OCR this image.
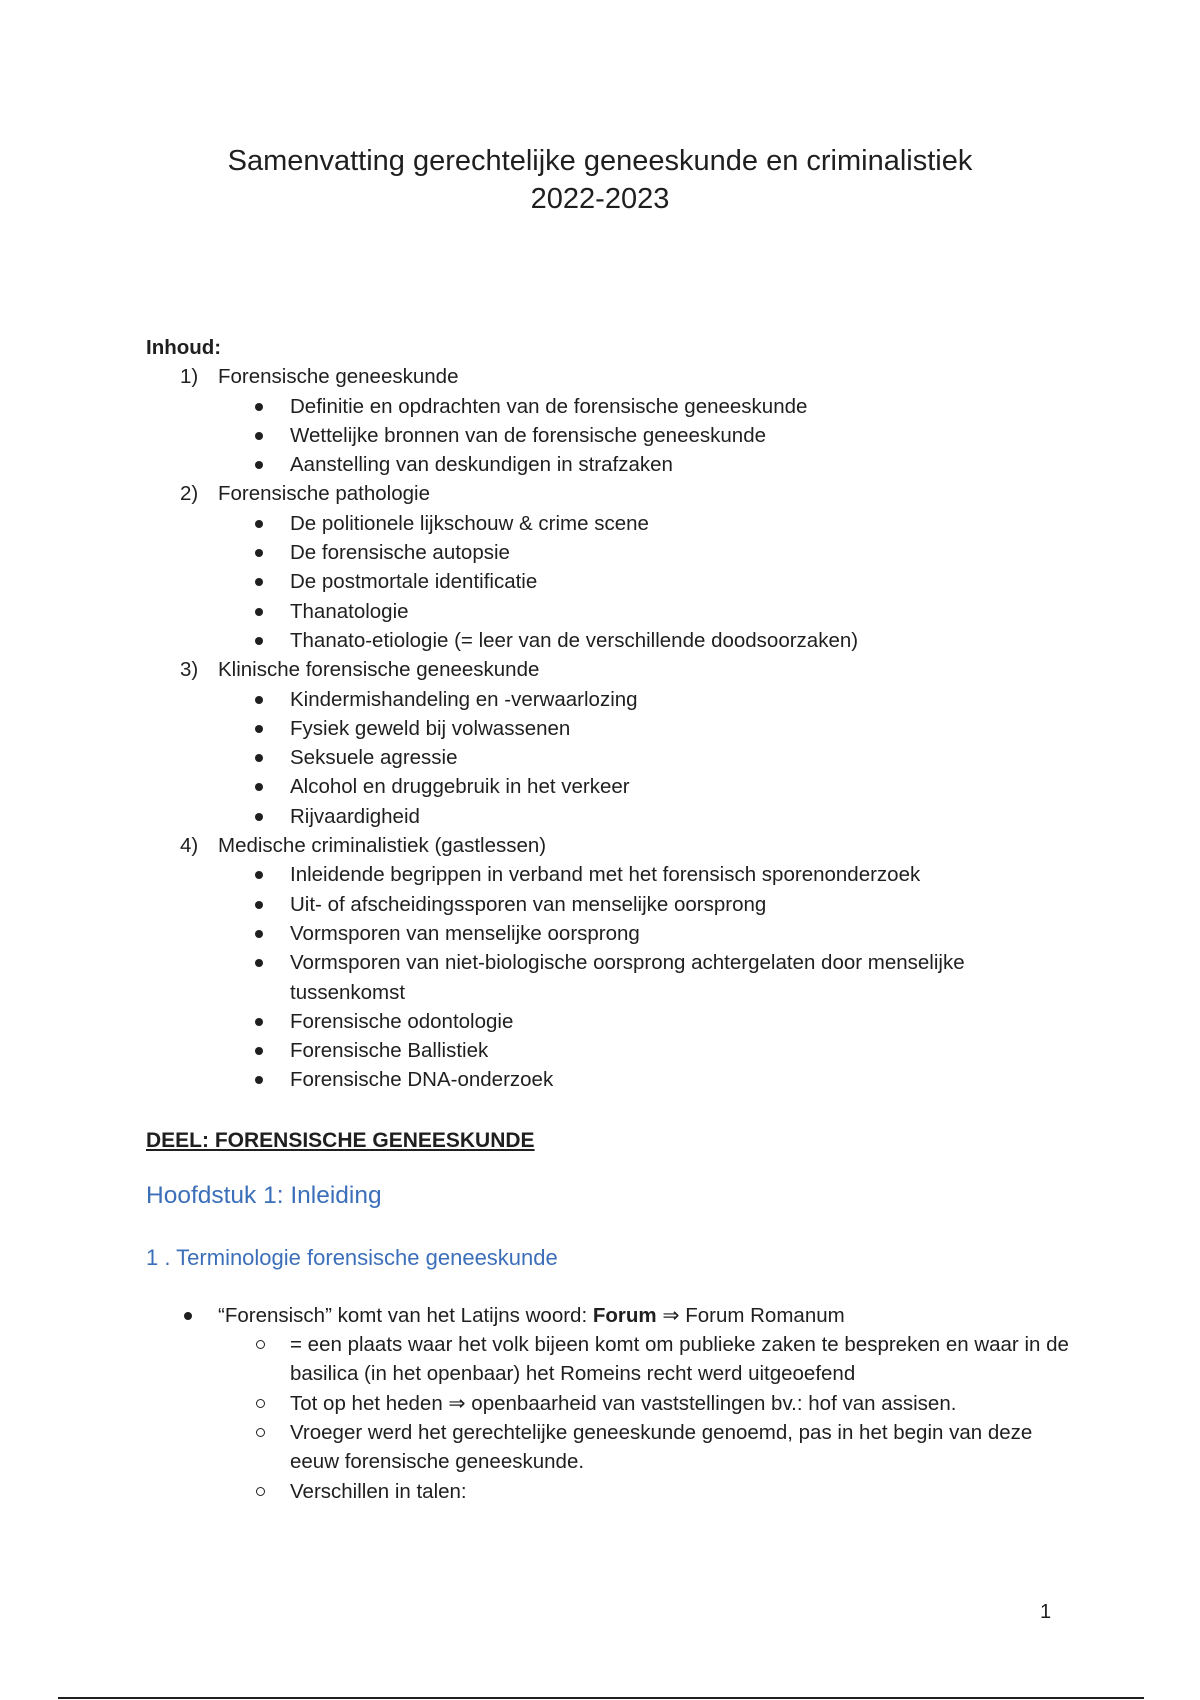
Samenvatting gerechtelijke geneeskunde en criminalistiek
2022-2023
Inhoud:
1) Forensische geneeskunde
Definitie en opdrachten van de forensische geneeskunde
Wettelijke bronnen van de forensische geneeskunde
Aanstelling van deskundigen in strafzaken
2) Forensische pathologie
De politionele lijkschouw & crime scene
De forensische autopsie
De postmortale identificatie
Thanatologie
Thanato-etiologie (= leer van de verschillende doodsoorzaken)
3) Klinische forensische geneeskunde
Kindermishandeling en -verwaarlozing
Fysiek geweld bij volwassenen
Seksuele agressie
Alcohol en druggebruik in het verkeer
Rijvaardigheid
4) Medische criminalistiek (gastlessen)
Inleidende begrippen in verband met het forensisch sporenonderzoek
Uit- of afscheidingssporen van menselijke oorsprong
Vormsporen van menselijke oorsprong
Vormsporen van niet-biologische oorsprong achtergelaten door menselijke tussenkomst
Forensische odontologie
Forensische Ballistiek
Forensische DNA-onderzoek
DEEL: FORENSISCHE GENEESKUNDE
Hoofdstuk 1: Inleiding
1 . Terminologie forensische geneeskunde
“Forensisch” komt van het Latijns woord: Forum ⇒ Forum Romanum
= een plaats waar het volk bijeen komt om publieke zaken te bespreken en waar in de basilica (in het openbaar) het Romeins recht werd uitgeoefend
Tot op het heden ⇒ openbaarheid van vaststellingen bv.: hof van assisen.
Vroeger werd het gerechtelijke geneeskunde genoemd, pas in het begin van deze eeuw forensische geneeskunde.
Verschillen in talen:
1
